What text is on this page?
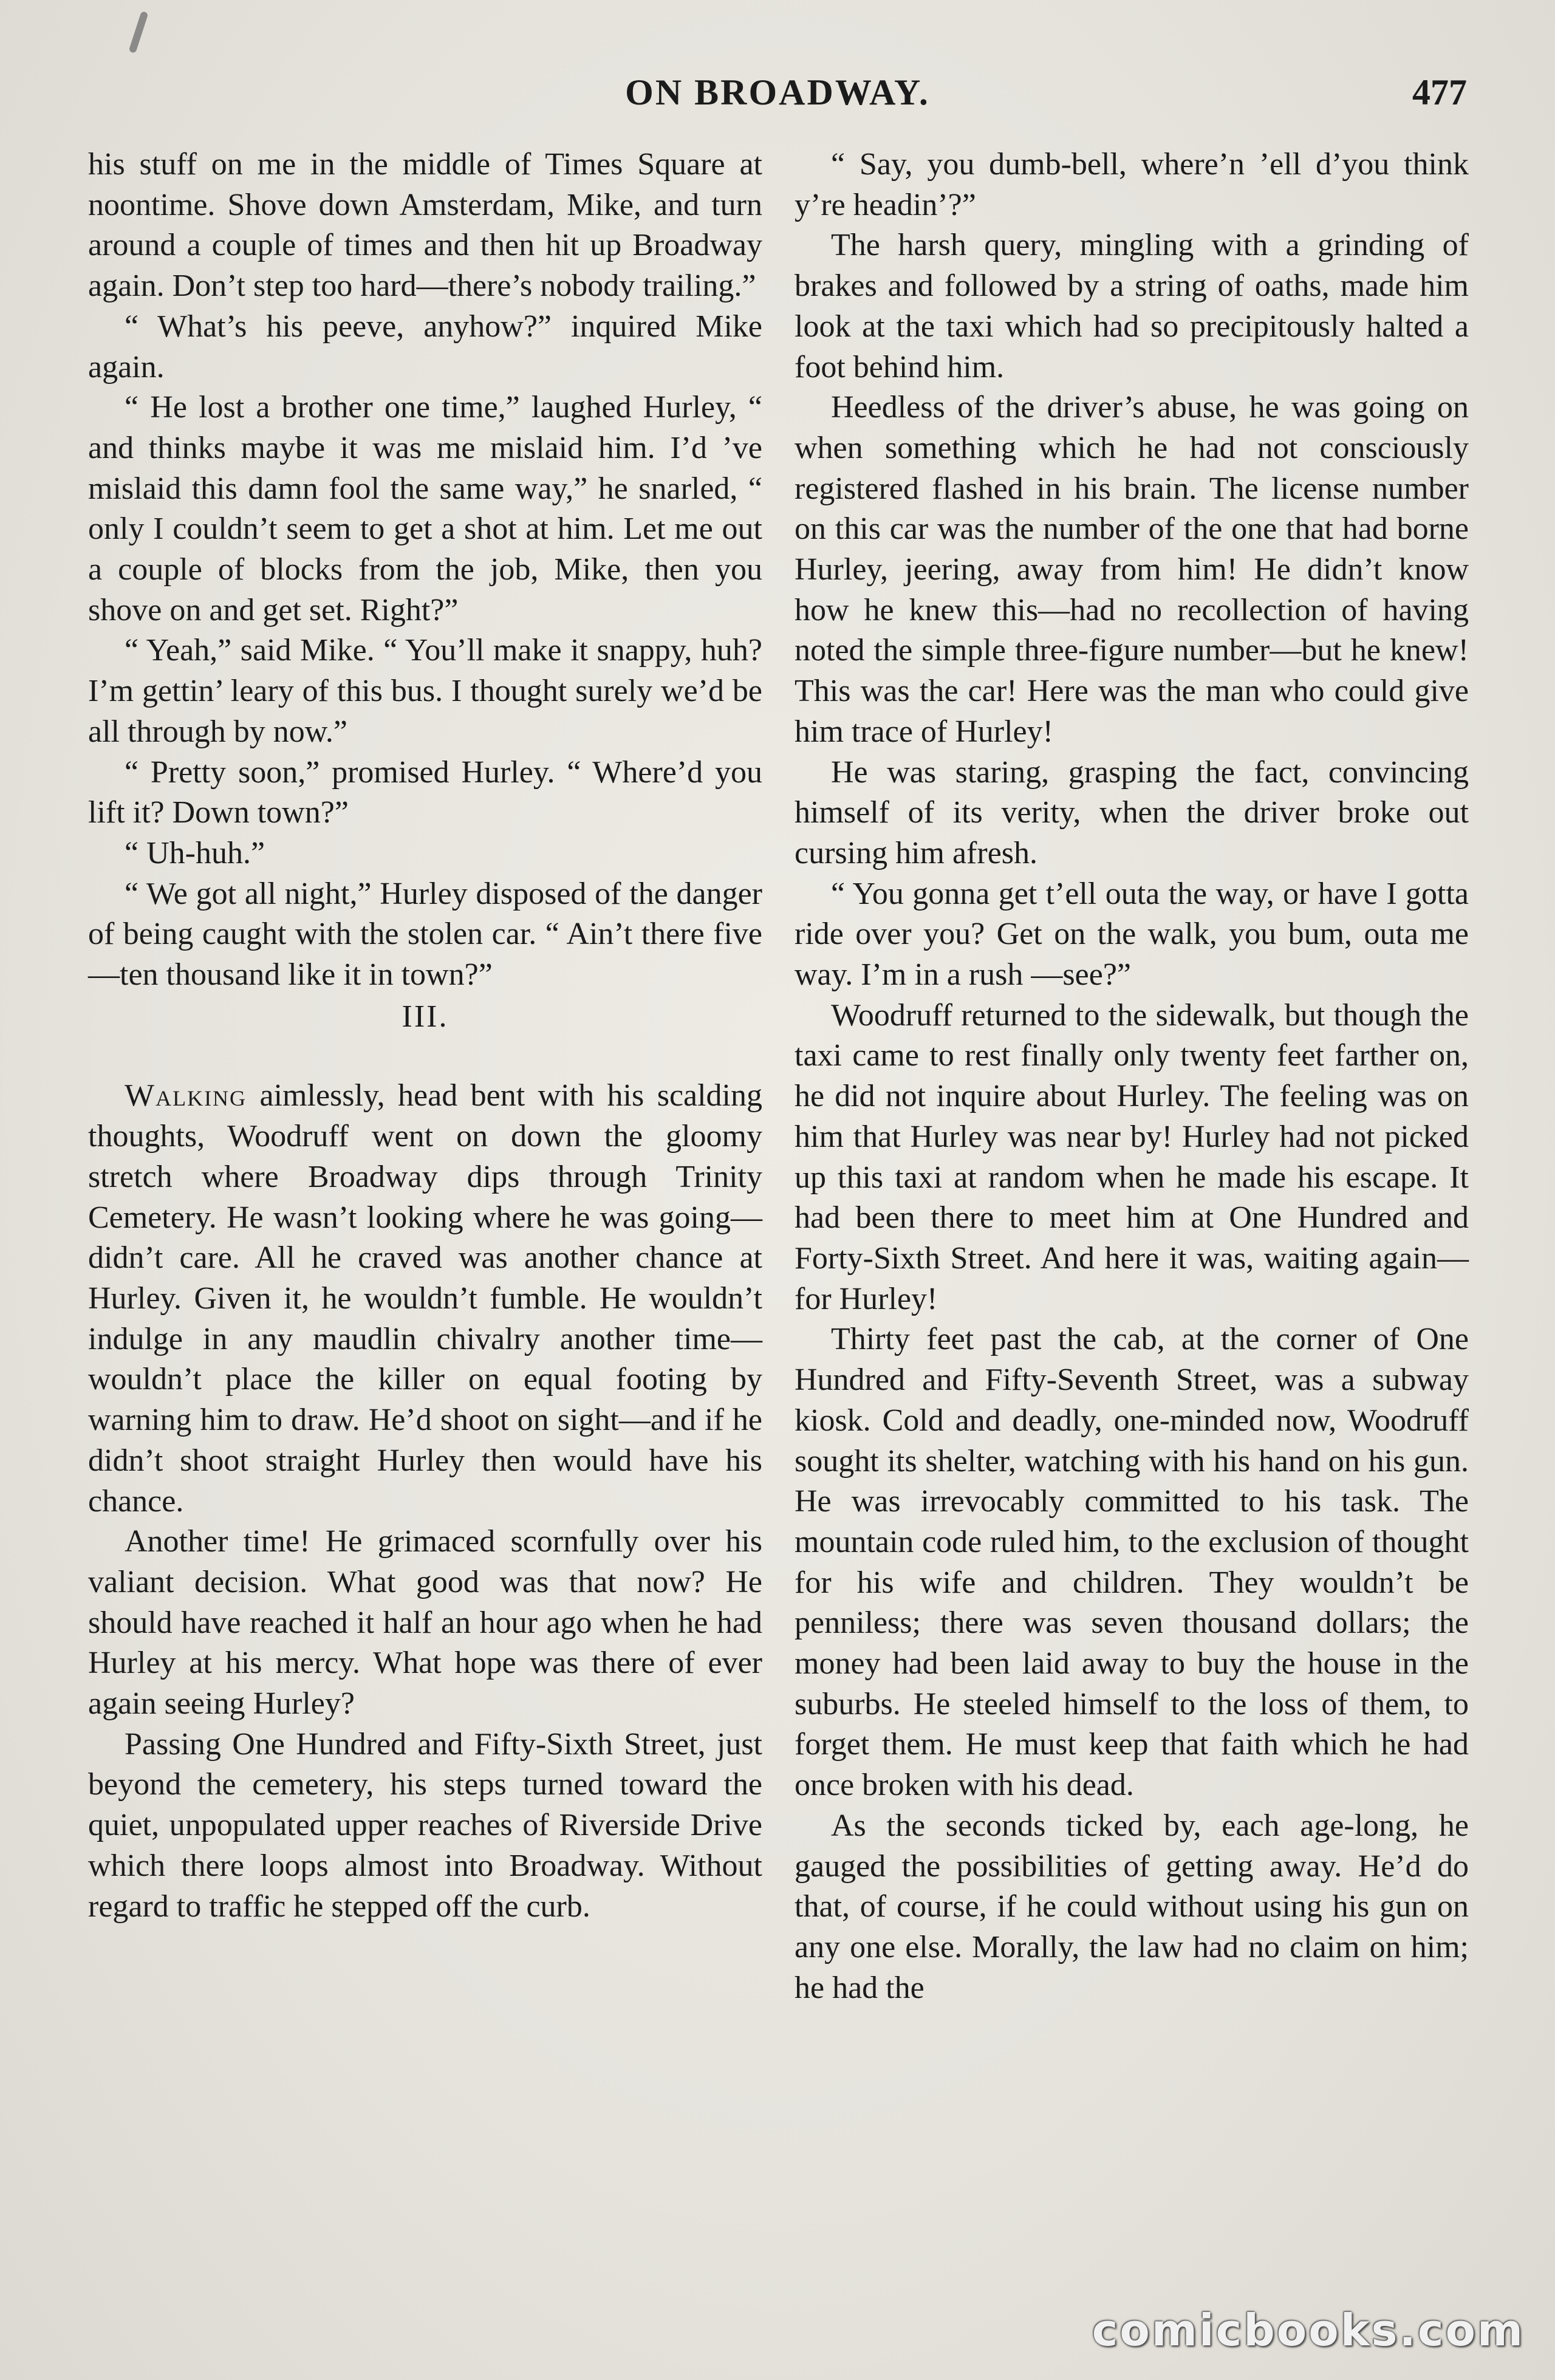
ON BROADWAY.	477

his stuff on me in the middle of Times Square at noontime. Shove down Amsterdam, Mike, and turn around a couple of times and then hit up Broadway again. Don’t step too hard—there’s nobody trailing.”

“ What’s his peeve, anyhow?” inquired Mike again.

“ He lost a brother one time,” laughed Hurley, “ and thinks maybe it was me mislaid him. I’d ’ve mislaid this damn fool the same way,” he snarled, “ only I couldn’t seem to get a shot at him. Let me out a couple of blocks from the job, Mike, then you shove on and get set. Right?”

“ Yeah,” said Mike. “ You’ll make it snappy, huh? I’m gettin’ leary of this bus. I thought surely we’d be all through by now.”

“ Pretty soon,” promised Hurley. “ Where’d you lift it? Down town?”

“ Uh-huh.”

“ We got all night,” Hurley disposed of the danger of being caught with the stolen car. “ Ain’t there five—ten thousand like it in town?”

III.

Walking aimlessly, head bent with his scalding thoughts, Woodruff went on down the gloomy stretch where Broadway dips through Trinity Cemetery. He wasn’t looking where he was going—didn’t care. All he craved was another chance at Hurley. Given it, he wouldn’t fumble. He wouldn’t indulge in any maudlin chivalry another time—wouldn’t place the killer on equal footing by warning him to draw. He’d shoot on sight—and if he didn’t shoot straight Hurley then would have his chance.

Another time! He grimaced scornfully over his valiant decision. What good was that now? He should have reached it half an hour ago when he had Hurley at his mercy. What hope was there of ever again seeing Hurley?

Passing One Hundred and Fifty-Sixth Street, just beyond the cemetery, his steps turned toward the quiet, unpopulated upper reaches of Riverside Drive which there loops almost into Broadway. Without regard to traffic he stepped off the curb.

“ Say, you dumb-bell, where’n ’ell d’you think y’re headin’?”

The harsh query, mingling with a grinding of brakes and followed by a string of oaths, made him look at the taxi which had so precipitously halted a foot behind him.

Heedless of the driver’s abuse, he was going on when something which he had not consciously registered flashed in his brain. The license number on this car was the number of the one that had borne Hurley, jeering, away from him! He didn’t know how he knew this—had no recollection of having noted the simple three-figure number—but he knew! This was the car! Here was the man who could give him trace of Hurley!

He was staring, grasping the fact, convincing himself of its verity, when the driver broke out cursing him afresh.

“ You gonna get t’ell outa the way, or have I gotta ride over you? Get on the walk, you bum, outa me way. I’m in a rush —see?”

Woodruff returned to the sidewalk, but though the taxi came to rest finally only twenty feet farther on, he did not inquire about Hurley. The feeling was on him that Hurley was near by! Hurley had not picked up this taxi at random when he made his escape. It had been there to meet him at One Hundred and Forty-Sixth Street. And here it was, waiting again—for Hurley!

Thirty feet past the cab, at the corner of One Hundred and Fifty-Seventh Street, was a subway kiosk. Cold and deadly, one-minded now, Woodruff sought its shelter, watching with his hand on his gun. He was irrevocably committed to his task. The mountain code ruled him, to the exclusion of thought for his wife and children. They wouldn’t be penniless; there was seven thousand dollars; the money had been laid away to buy the house in the suburbs. He steeled himself to the loss of them, to forget them. He must keep that faith which he had once broken with his dead.

As the seconds ticked by, each age-long, he gauged the possibilities of getting away. He’d do that, of course, if he could without using his gun on any one else. Morally, the law had no claim on him; he had the

comicbooks.com
